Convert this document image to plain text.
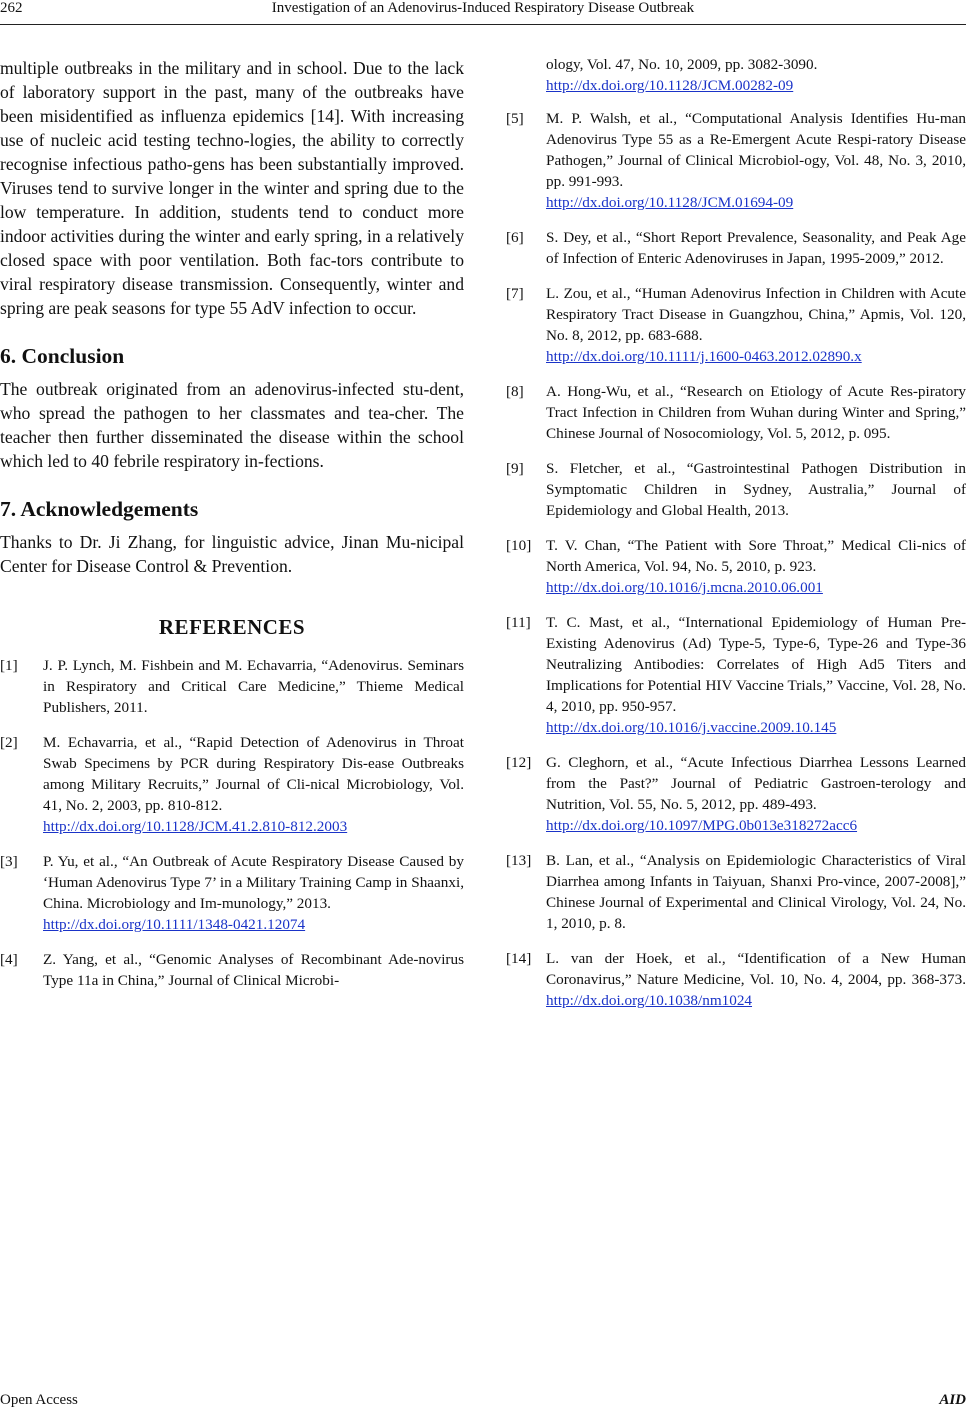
262	Investigation of an Adenovirus-Induced Respiratory Disease Outbreak

multiple outbreaks in the military and in school. Due to the lack of laboratory support in the past, many of the outbreaks have been misidentified as influenza epidemics [14]. With increasing use of nucleic acid testing techno-logies, the ability to correctly recognise infectious patho-gens has been substantially improved. Viruses tend to survive longer in the winter and spring due to the low temperature. In addition, students tend to conduct more indoor activities during the winter and early spring, in a relatively closed space with poor ventilation. Both fac-tors contribute to viral respiratory disease transmission. Consequently, winter and spring are peak seasons for type 55 AdV infection to occur.

6. Conclusion

The outbreak originated from an adenovirus-infected stu-dent, who spread the pathogen to her classmates and tea-cher. The teacher then further disseminated the disease within the school which led to 40 febrile respiratory in-fections.

7. Acknowledgements

Thanks to Dr. Ji Zhang, for linguistic advice, Jinan Mu-nicipal Center for Disease Control & Prevention.

REFERENCES
[1] J. P. Lynch, M. Fishbein and M. Echavarria, “Adenovirus. Seminars in Respiratory and Critical Care Medicine,” Thieme Medical Publishers, 2011.
[2] M. Echavarria, et al., “Rapid Detection of Adenovirus in Throat Swab Specimens by PCR during Respiratory Dis-ease Outbreaks among Military Recruits,” Journal of Cli-nical Microbiology, Vol. 41, No. 2, 2003, pp. 810-812.
http://dx.doi.org/10.1128/JCM.41.2.810-812.2003
[3] P. Yu, et al., “An Outbreak of Acute Respiratory Disease Caused by ‘Human Adenovirus Type 7’ in a Military Training Camp in Shaanxi, China. Microbiology and Im-munology,” 2013.
http://dx.doi.org/10.1111/1348-0421.12074
[4] Z. Yang, et al., “Genomic Analyses of Recombinant Ade-novirus Type 11a in China,” Journal of Clinical Microbi-
ology, Vol. 47, No. 10, 2009, pp. 3082-3090.
http://dx.doi.org/10.1128/JCM.00282-09
[5] M. P. Walsh, et al., “Computational Analysis Identifies Hu-man Adenovirus Type 55 as a Re-Emergent Acute Respi-ratory Disease Pathogen,” Journal of Clinical Microbiol-ogy, Vol. 48, No. 3, 2010, pp. 991-993.
http://dx.doi.org/10.1128/JCM.01694-09
[6] S. Dey, et al., “Short Report Prevalence, Seasonality, and Peak Age of Infection of Enteric Adenoviruses in Japan, 1995-2009,” 2012.
[7] L. Zou, et al., “Human Adenovirus Infection in Children with Acute Respiratory Tract Disease in Guangzhou, China,” Apmis, Vol. 120, No. 8, 2012, pp. 683-688.
http://dx.doi.org/10.1111/j.1600-0463.2012.02890.x
[8] A. Hong-Wu, et al., “Research on Etiology of Acute Res-piratory Tract Infection in Children from Wuhan during Winter and Spring,” Chinese Journal of Nosocomiology, Vol. 5, 2012, p. 095.
[9] S. Fletcher, et al., “Gastrointestinal Pathogen Distribution in Symptomatic Children in Sydney, Australia,” Journal of Epidemiology and Global Health, 2013.
[10] T. V. Chan, “The Patient with Sore Throat,” Medical Cli-nics of North America, Vol. 94, No. 5, 2010, p. 923.
http://dx.doi.org/10.1016/j.mcna.2010.06.001
[11] T. C. Mast, et al., “International Epidemiology of Human Pre-Existing Adenovirus (Ad) Type-5, Type-6, Type-26 and Type-36 Neutralizing Antibodies: Correlates of High Ad5 Titers and Implications for Potential HIV Vaccine Trials,” Vaccine, Vol. 28, No. 4, 2010, pp. 950-957.
http://dx.doi.org/10.1016/j.vaccine.2009.10.145
[12] G. Cleghorn, et al., “Acute Infectious Diarrhea Lessons Learned from the Past?” Journal of Pediatric Gastroen-terology and Nutrition, Vol. 55, No. 5, 2012, pp. 489-493.
http://dx.doi.org/10.1097/MPG.0b013e318272acc6
[13] B. Lan, et al., “Analysis on Epidemiologic Characteristics of Viral Diarrhea among Infants in Taiyuan, Shanxi Pro-vince, 2007-2008],” Chinese Journal of Experimental and Clinical Virology, Vol. 24, No. 1, 2010, p. 8.
[14] L. van der Hoek, et al., “Identification of a New Human Coronavirus,” Nature Medicine, Vol. 10, No. 4, 2004, pp. 368-373. http://dx.doi.org/10.1038/nm1024
Open Access	AID
